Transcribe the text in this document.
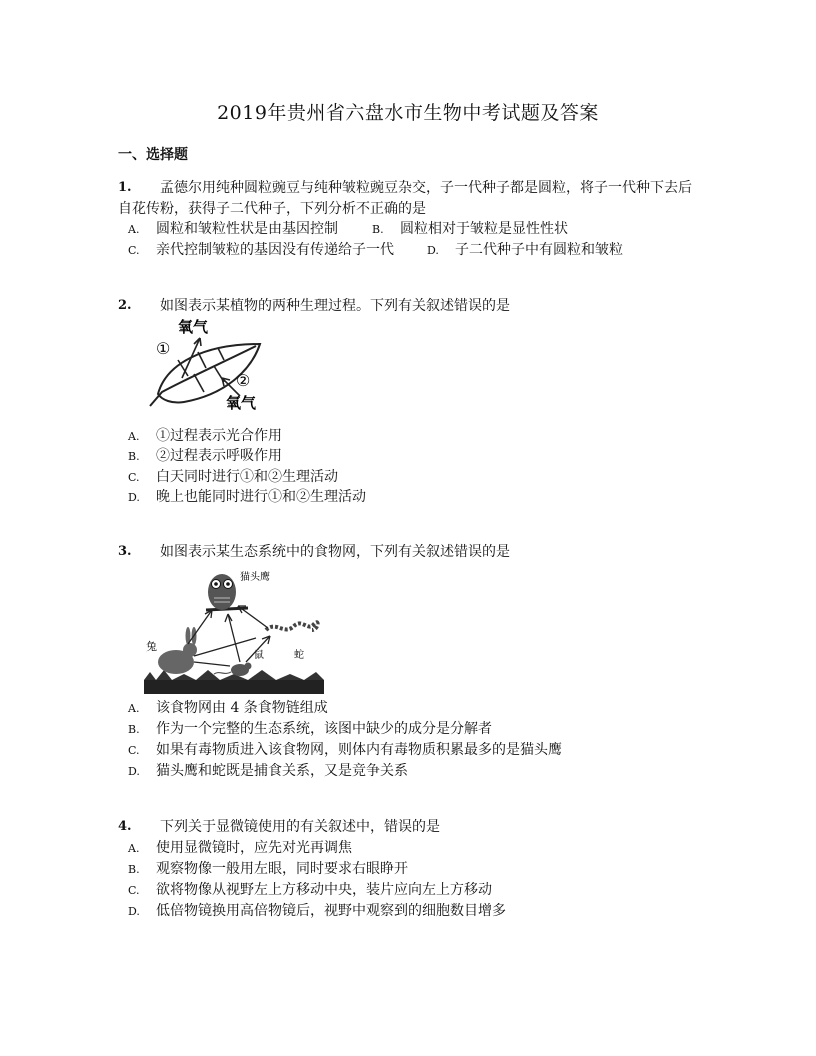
2019年贵州省六盘水市生物中考试题及答案
一、选择题
1. 孟德尔用纯种圆粒豌豆与纯种皱粒豌豆杂交，子一代种子都是圆粒，将子一代种下去后
自花传粉，获得子二代种子，下列分析不正确的是
A. 圆粒和皱粒性状是由基因控制	B. 圆粒相对于皱粒是显性性状
C. 亲代控制皱粒的基因没有传递给子一代	D. 子二代种子中有圆粒和皱粒
2. 如图表示某植物的两种生理过程。下列有关叙述错误的是
氧气
①
②
氧气
A. ①过程表示光合作用
B. ②过程表示呼吸作用
C. 白天同时进行①和②生理活动
D. 晚上也能同时进行①和②生理活动
3. 如图表示某生态系统中的食物网，下列有关叙述错误的是
猫头鹰
蛇
兔
鼠
A. 该食物网由 4 条食物链组成
B. 作为一个完整的生态系统，该图中缺少的成分是分解者
C. 如果有毒物质进入该食物网，则体内有毒物质积累最多的是猫头鹰
D. 猫头鹰和蛇既是捕食关系，又是竞争关系
4. 下列关于显微镜使用的有关叙述中，错误的是
A. 使用显微镜时，应先对光再调焦
B. 观察物像一般用左眼，同时要求右眼睁开
C. 欲将物像从视野左上方移动中央，装片应向左上方移动
D. 低倍物镜换用高倍物镜后，视野中观察到的细胞数目增多
